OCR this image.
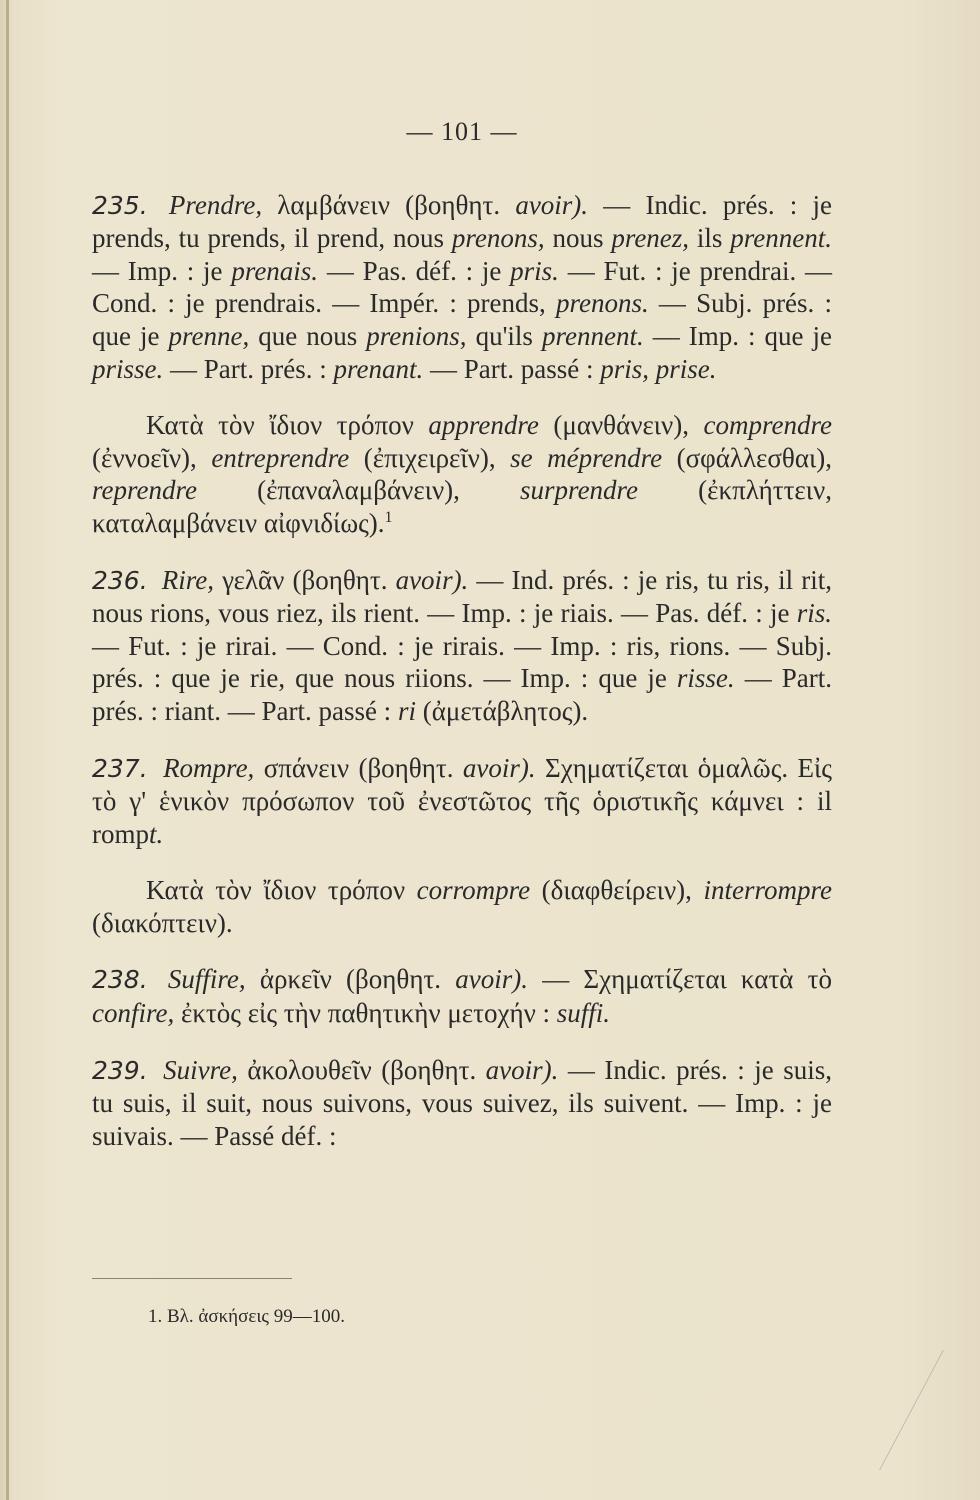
— 101 —

235. Prendre, λαμβάνειν (βοηθητ. avoir). — Indic. prés. : je prends, tu prends, il prend, nous prenons, nous prenez, ils prennent. — Imp. : je prenais. — Pas. déf. : je pris. — Fut. : je prendrai. — Cond. : je prendrais. — Impér. : prends, prenons. — Subj. prés. : que je prenne, que nous prenions, qu'ils prennent. — Imp. : que je prisse. — Part. prés. : prenant. — Part. passé : pris, prise.

Κατὰ τὸν ἴδιον τρόπον apprendre (μανθάνειν), comprendre (ἐννοεῖν), entreprendre (ἐπιχειρεῖν), se méprendre (σφάλλεσθαι), reprendre (ἐπαναλαμβάνειν), surprendre (ἐκπλήττειν, καταλαμβάνειν αἰφνιδίως).$^1$

236. Rire, γελᾶν (βοηθητ. avoir). — Ind. prés. : je ris, tu ris, il rit, nous rions, vous riez, ils rient. — Imp. : je riais. — Pas. déf. : je ris. — Fut. : je rirai. — Cond. : je rirais. — Imp. : ris, rions. — Subj. prés. : que je rie, que nous riions. — Imp. : que je risse. — Part. prés. : riant. — Part. passé : ri (ἀμετάβλητος).

237. Rompre, σπάνειν (βοηθητ. avoir). Σχηματίζεται ὁμαλῶς. Εἰς τὸ γ' ἑνικὸν πρόσωπον τοῦ ἐνεστῶτος τῆς ὁριστικῆς κάμνει : il rompt.

Κατὰ τὸν ἴδιον τρόπον corrompre (διαφθείρειν), interrompre (διακόπτειν).

238. Suffire, ἀρκεῖν (βοηθητ. avoir). — Σχηματίζεται κατὰ τὸ confire, ἐκτὸς εἰς τὴν παθητικὴν μετοχήν : suffi.

239. Suivre, ἀκολουθεῖν (βοηθητ. avoir). — Indic. prés. : je suis, tu suis, il suit, nous suivons, vous suivez, ils suivent. — Imp. : je suivais. — Passé déf. :

1. Βλ. ἀσκήσεις 99—100.
